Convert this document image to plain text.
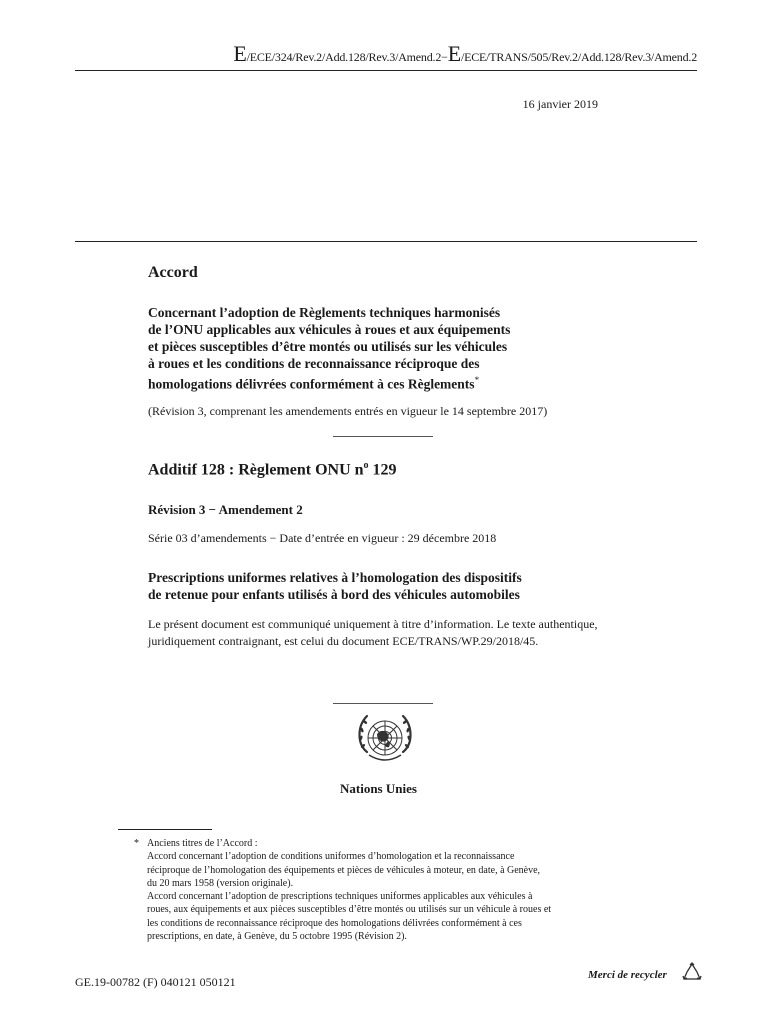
E/ECE/324/Rev.2/Add.128/Rev.3/Amend.2−E/ECE/TRANS/505/Rev.2/Add.128/Rev.3/Amend.2
16 janvier 2019
Accord
Concernant l’adoption de Règlements techniques harmonisés
de l’ONU applicables aux véhicules à roues et aux équipements
et pièces susceptibles d’être montés ou utilisés sur les véhicules
à roues et les conditions de reconnaissance réciproque des
homologations délivrées conformément à ces Règlements*
(Révision 3, comprenant les amendements entrés en vigueur le 14 septembre 2017)
Additif 128 : Règlement ONU $n^o$ 129
Révision 3 − Amendement 2
Série 03 d’amendements − Date d’entrée en vigueur : 29 décembre 2018
Prescriptions uniformes relatives à l’homologation des dispositifs
de retenue pour enfants utilisés à bord des véhicules automobiles
Le présent document est communiqué uniquement à titre d’information. Le texte authentique,
juridiquement contraignant, est celui du document ECE/TRANS/WP.29/2018/45.
Nations Unies
* Anciens titres de l’Accord :
Accord concernant l’adoption de conditions uniformes d’homologation et la reconnaissance
réciproque de l’homologation des équipements et pièces de véhicules à moteur, en date, à Genève,
du 20 mars 1958 (version originale).
Accord concernant l’adoption de prescriptions techniques uniformes applicables aux véhicules à
roues, aux équipements et aux pièces susceptibles d’être montés ou utilisés sur un véhicule à roues et
les conditions de reconnaissance réciproque des homologations délivrées conformément à ces
prescriptions, en date, à Genève, du 5 octobre 1995 (Révision 2).
GE.19-00782 (F) 040121 050121	Merci de recycler
